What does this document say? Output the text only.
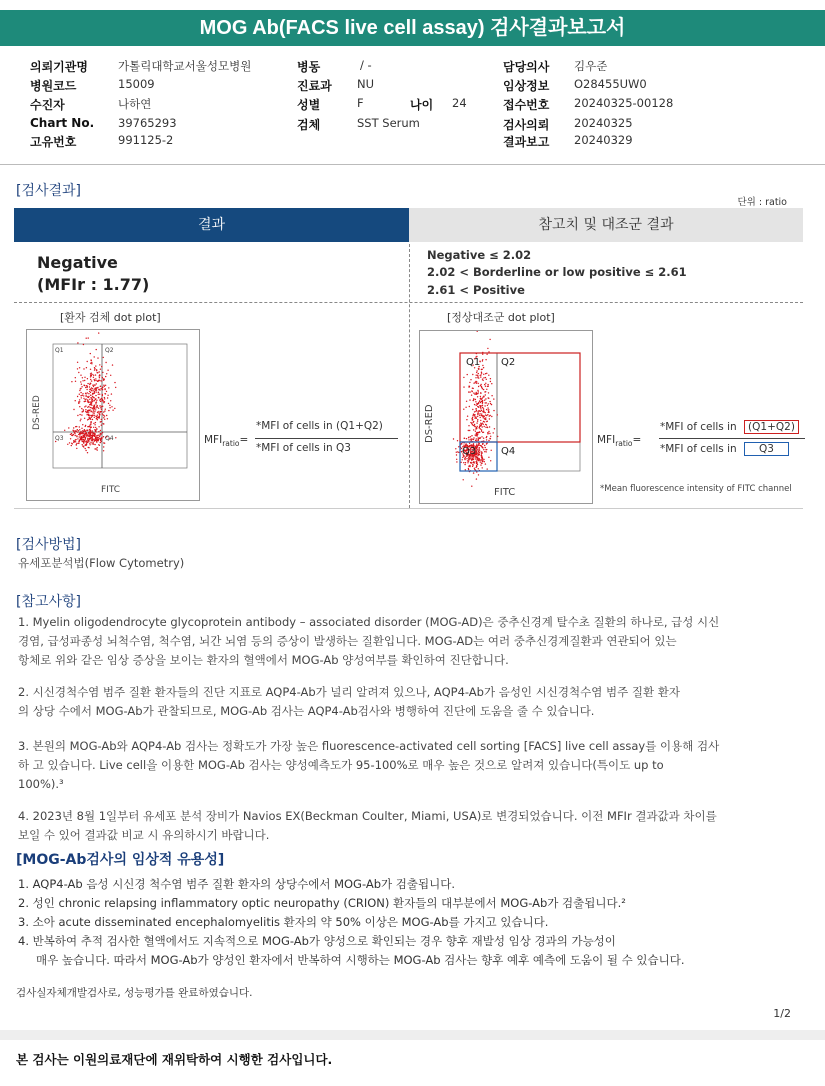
MOG Ab(FACS live cell assay) 검사결과보고서
의뢰기관명	가톨릭대학교서울성모병원
병원코드	15009
수진자	나하연
Chart No. 39765293
고유번호	991125-2
병동	/ -
진료과 NU
성별	F	나이 24
검체	SST Serum
담당의사 김우준
임상정보 O28455UW0
접수번호 20240325-00128
검사의뢰 20240325
결과보고 20240329
[검사결과]
단위 : ratio
결과	참고치 및 대조군 결과
Negative
(MFIr : 1.77)
Negative ≤ 2.02
2.02 < Borderline or low positive ≤ 2.61
2.61 < Positive
[환자 검체 dot plot]	[정상대조군 dot plot]
Q1	Q2
Q3	Q4
DS-RED
FITC
$MFI_{ratio}=$
*MFI of cells in (Q1+Q2)
*MFI of cells in Q3
Q1 Q2
Q3 Q4
DS-RED
FITC
$MFI_{ratio}=$
*MFI of cells in (Q1+Q2)
*MFI of cells in Q3
*Mean fluorescence intensity of FITC channel
[검사방법]
유세포분석법(Flow Cytometry)
[참고사항]
1. Myelin oligodendrocyte glycoprotein antibody – associated disorder (MOG-AD)은 중추신경계 탈수초 질환의 하나로, 급성 시신
경염, 급성파종성 뇌척수염, 척수염, 뇌간 뇌염 등의 증상이 발생하는 질환입니다. MOG-AD는 여러 중추신경계질환과 연관되어 있는
항체로 위와 같은 임상 증상을 보이는 환자의 혈액에서 MOG-Ab 양성여부를 확인하여 진단합니다.
2. 시신경척수염 범주 질환 환자들의 진단 지표로 AQP4-Ab가 널리 알려져 있으나, AQP4-Ab가 음성인 시신경척수염 범주 질환 환자
의 상당 수에서 MOG-Ab가 관찰되므로, MOG-Ab 검사는 AQP4-Ab검사와 병행하여 진단에 도움을 줄 수 있습니다.
3. 본원의 MOG-Ab와 AQP4-Ab 검사는 정확도가 가장 높은 fluorescence-activated cell sorting [FACS] live cell assay를 이용해 검사
하 고 있습니다. Live cell을 이용한 MOG-Ab 검사는 양성예측도가 95-100%로 매우 높은 것으로 알려져 있습니다(특이도 up to
100%).³
4. 2023년 8월 1일부터 유세포 분석 장비가 Navios EX(Beckman Coulter, Miami, USA)로 변경되었습니다. 이전 MFIr 결과값과 차이를
보일 수 있어 결과값 비교 시 유의하시기 바랍니다.
[MOG-Ab검사의 임상적 유용성]
1. AQP4-Ab 음성 시신경 척수염 범주 질환 환자의 상당수에서 MOG-Ab가 검출됩니다.
2. 성인 chronic relapsing inflammatory optic neuropathy (CRION) 환자들의 대부분에서 MOG-Ab가 검출됩니다.²
3. 소아 acute disseminated encephalomyelitis 환자의 약 50% 이상은 MOG-Ab를 가지고 있습니다.
4. 반복하여 추적 검사한 혈액에서도 지속적으로 MOG-Ab가 양성으로 확인되는 경우 향후 재발성 임상 경과의 가능성이
매우 높습니다. 따라서 MOG-Ab가 양성인 환자에서 반복하여 시행하는 MOG-Ab 검사는 향후 예후 예측에 도움이 될 수 있습니다.
검사실자체개발검사로, 성능평가를 완료하였습니다.
1/2
본 검사는 이원의료재단에 재위탁하여 시행한 검사입니다.
